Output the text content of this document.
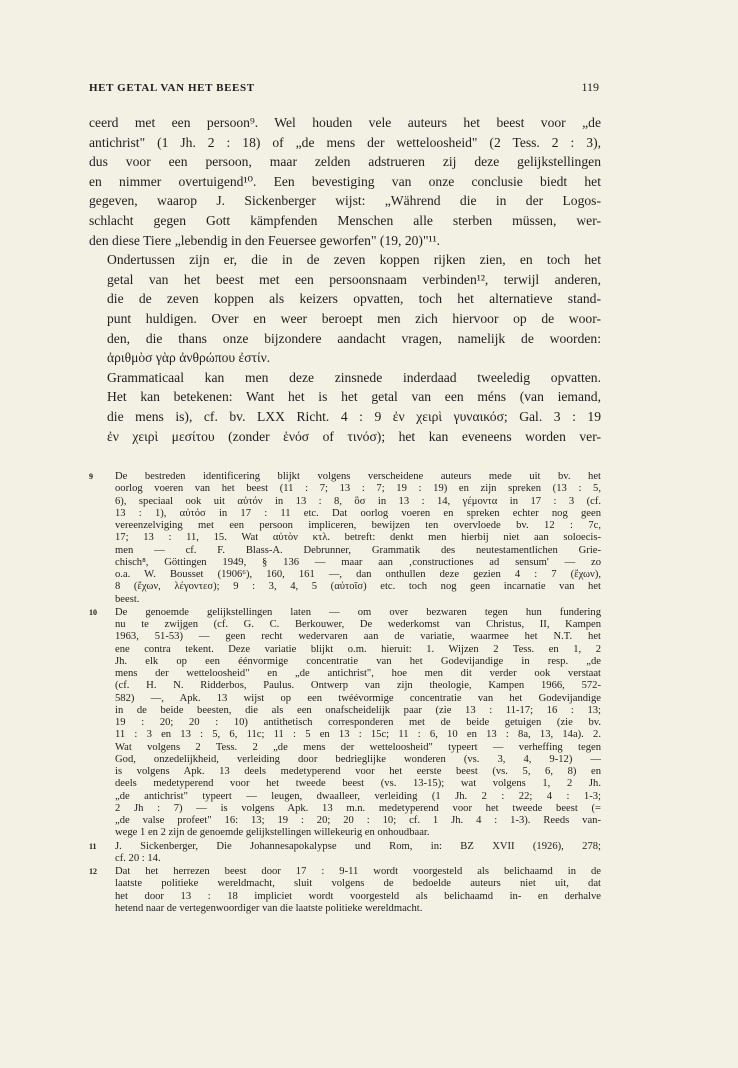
HET GETAL VAN HET BEEST	119

ceerd met een persoon⁹. Wel houden vele auteurs het beest voor „de
antichrist" (1 Jh. 2 : 18) of „de mens der wetteloosheid" (2 Tess. 2 : 3),
dus voor een persoon, maar zelden adstrueren zij deze gelijkstellingen
en nimmer overtuigend¹⁰. Een bevestiging van onze conclusie biedt het
gegeven, waarop J. Sickenberger wijst: „Während die in der Logos-
schlacht gegen Gott kämpfenden Menschen alle sterben müssen, wer-
den diese Tiere „lebendig in den Feuersee geworfen" (19, 20)"¹¹.

Ondertussen zijn er, die in de zeven koppen rijken zien, en toch het
getal van het beest met een persoonsnaam verbinden¹², terwijl anderen,
die de zeven koppen als keizers opvatten, toch het alternatieve stand-
punt huldigen. Over en weer beroept men zich hiervoor op de woor-
den, die thans onze bijzondere aandacht vragen, namelijk de woorden:
ἀριθμὸσ γὰρ ἀνθρώπου ἐστίν.

Grammaticaal kan men deze zinsnede inderdaad tweeledig opvatten.
Het kan betekenen: Want het is het getal van een méns (van iemand,
die mens is), cf. bv. LXX Richt. 4 : 9 ἐν χειρὶ γυναικόσ; Gal. 3 : 19
ἐν χειρὶ μεσίτου (zonder ἑνόσ of τινόσ); het kan eveneens worden ver-

9 De bestreden identificering blijkt volgens verscheidene auteurs mede uit bv. het
oorlog voeren van het beest (11 : 7; 13 : 7; 19 : 19) en zijn spreken (13 : 5,
6), speciaal ook uit αὐτόν in 13 : 8, ὃσ in 13 : 14, γέμοντα in 17 : 3 (cf.
13 : 1), αὐτόσ in 17 : 11 etc. Dat oorlog voeren en spreken echter nog geen
vereenzelviging met een persoon impliceren, bewijzen ten overvloede bv. 12 : 7c,
17; 13 : 11, 15. Wat αὐτὸν κτλ. betreft: denkt men hierbij niet aan soloecis-
men — cf. F. Blass-A. Debrunner, Grammatik des neutestamentlichen Grie-
chisch⁸, Göttingen 1949, § 136 — maar aan ‚constructiones ad sensum' — zo
o.a. W. Bousset (1906⁶), 160, 161 —, dan onthullen deze gezien 4 : 7 (ἔχων),
8 (ἔχων, λέγοντεσ); 9 : 3, 4, 5 (αὐτοῖσ) etc. toch nog geen incarnatie van het
beest.
10 De genoemde gelijkstellingen laten — om over bezwaren tegen hun fundering
nu te zwijgen (cf. G. C. Berkouwer, De wederkomst van Christus, II, Kampen
1963, 51-53) — geen recht wedervaren aan de variatie, waarmee het N.T. het
ene contra tekent. Deze variatie blijkt o.m. hieruit: 1. Wijzen 2 Tess. en 1, 2
Jh. elk op een éénvormige concentratie van het Godevijandige in resp. „de
mens der wetteloosheid" en „de antichrist", hoe men dit verder ook verstaat
(cf. H. N. Ridderbos, Paulus. Ontwerp van zijn theologie, Kampen 1966, 572-
582) —, Apk. 13 wijst op een twéévormige concentratie van het Godevijandige
in de beide beesten, die als een onafscheidelijk paar (zie 13 : 11-17; 16 : 13;
19 : 20; 20 : 10) antithetisch corresponderen met de beide getuigen (zie bv.
11 : 3 en 13 : 5, 6, 11c; 11 : 5 en 13 : 15c; 11 : 6, 10 en 13 : 8a, 13, 14a). 2.
Wat volgens 2 Tess. 2 „de mens der wetteloosheid" typeert — verheffing tegen
God, onzedelijkheid, verleiding door bedrieglijke wonderen (vs. 3, 4, 9-12) —
is volgens Apk. 13 deels medetyperend voor het eerste beest (vs. 5, 6, 8) en
deels medetyperend voor het tweede beest (vs. 13-15); wat volgens 1, 2 Jh.
„de antichrist" typeert — leugen, dwaalleer, verleiding (1 Jh. 2 : 22; 4 : 1-3;
2 Jh : 7) — is volgens Apk. 13 m.n. medetyperend voor het tweede beest (=
„de valse profeet" 16: 13; 19 : 20; 20 : 10; cf. 1 Jh. 4 : 1-3). Reeds van-
wege 1 en 2 zijn de genoemde gelijkstellingen willekeurig en onhoudbaar.
11 J. Sickenberger, Die Johannesapokalypse und Rom, in: BZ XVII (1926), 278;
cf. 20 : 14.
12 Dat het herrezen beest door 17 : 9-11 wordt voorgesteld als belichaamd in de
laatste politieke wereldmacht, sluit volgens de bedoelde auteurs niet uit, dat
het door 13 : 18 impliciet wordt voorgesteld als belichaamd in- en derhalve
hetend naar de vertegenwoordiger van die laatste politieke wereldmacht.
